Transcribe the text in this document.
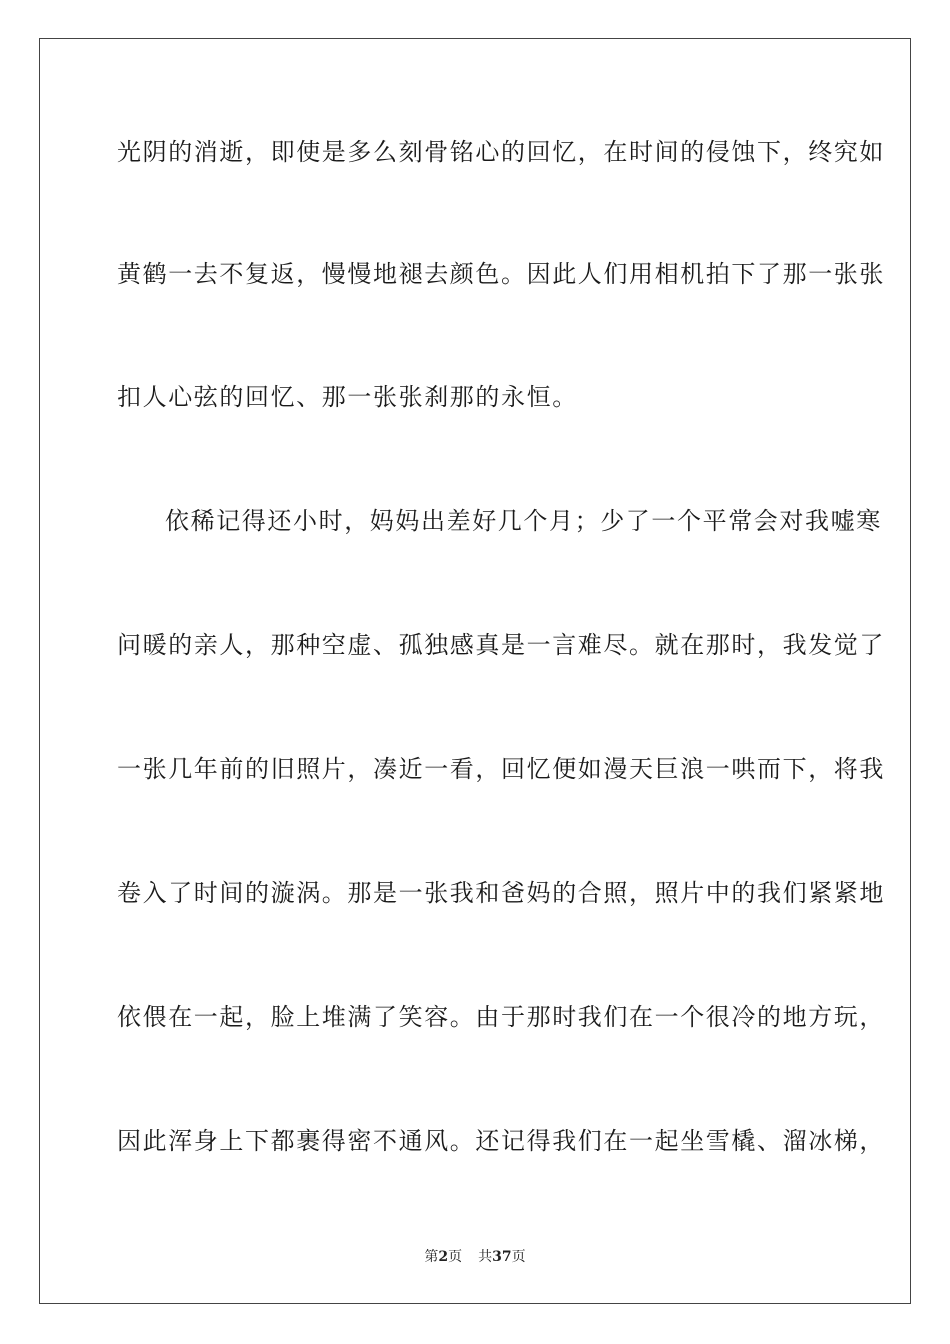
光阴的消逝，即使是多么刻骨铭心的回忆，在时间的侵蚀下，终究如
黄鹤一去不复返，慢慢地褪去颜色。因此人们用相机拍下了那一张张
扣人心弦的回忆、那一张张刹那的永恒。
依稀记得还小时，妈妈出差好几个月；少了一个平常会对我嘘寒
问暖的亲人，那种空虚、孤独感真是一言难尽。就在那时，我发觉了
一张几年前的旧照片，凑近一看，回忆便如漫天巨浪一哄而下，将我
卷入了时间的漩涡。那是一张我和爸妈的合照，照片中的我们紧紧地
依偎在一起，脸上堆满了笑容。由于那时我们在一个很冷的地方玩，
因此浑身上下都裹得密不通风。还记得我们在一起坐雪橇、溜冰梯，
第2页 共37页
